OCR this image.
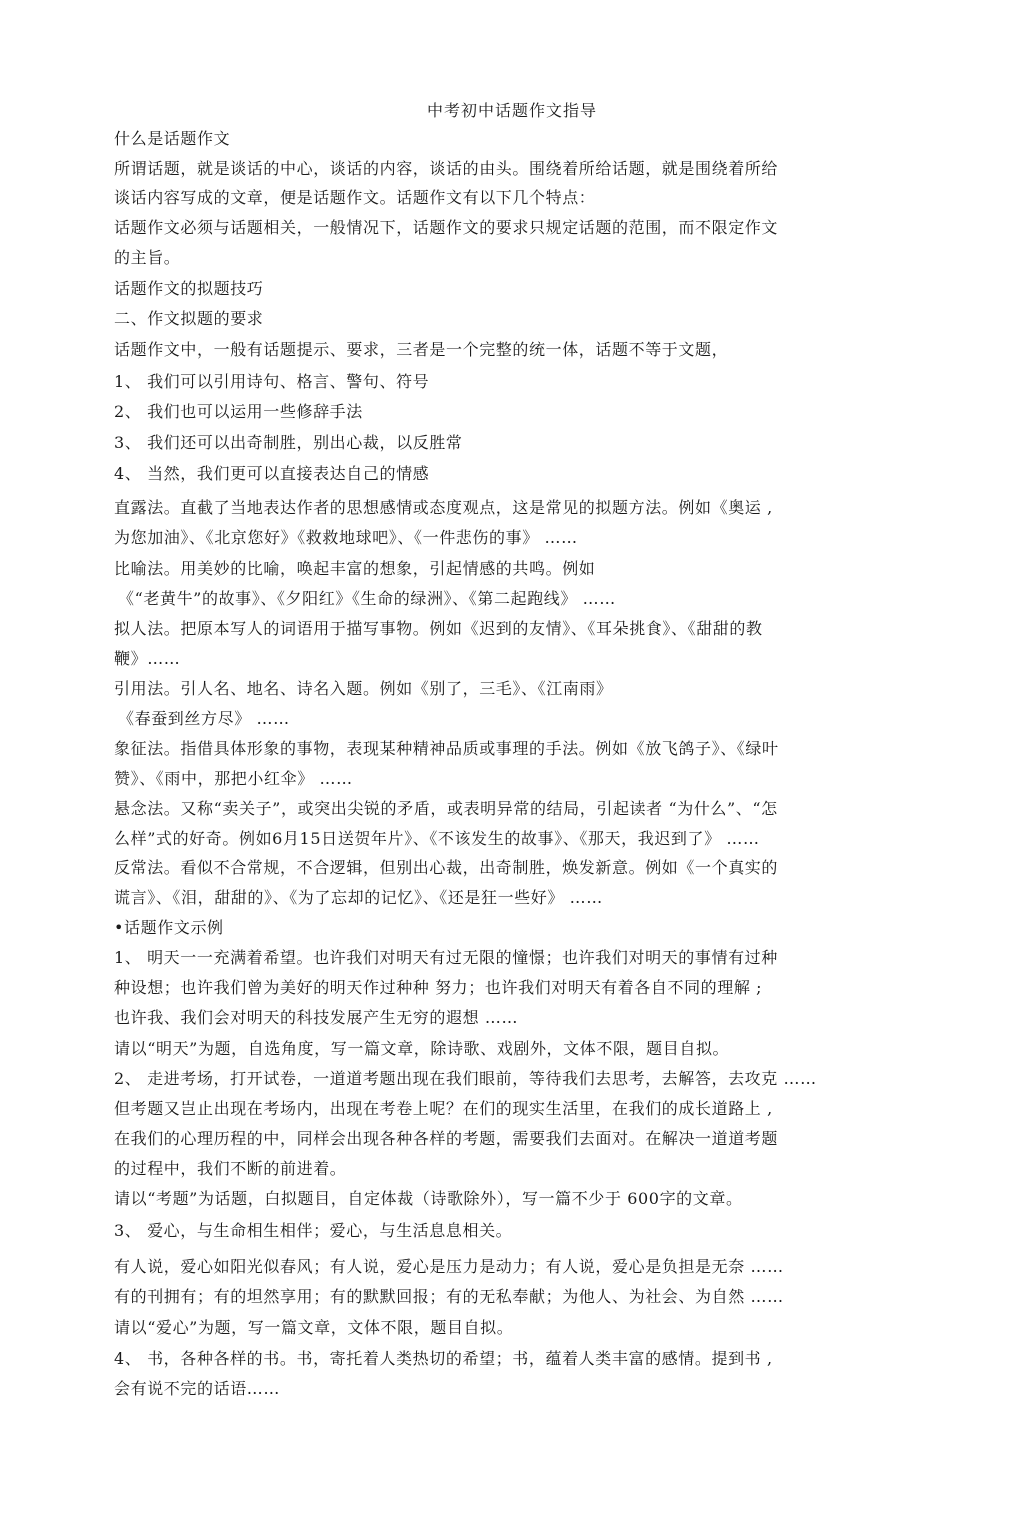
中考初中话题作文指导
什么是话题作文
所谓话题，就是谈话的中心，谈话的内容，谈话的由头。围绕着所给话题，就是围绕着所给
谈话内容写成的文章，便是话题作文。话题作文有以下几个特点：
话题作文必须与话题相关，一般情况下，话题作文的要求只规定话题的范围，而不限定作文
的主旨。
话题作文的拟题技巧
二、作文拟题的要求
话题作文中，一般有话题提示、要求，三者是一个完整的统一体，话题不等于文题，
1、 我们可以引用诗句、格言、警句、符号
2、 我们也可以运用一些修辞手法
3、 我们还可以出奇制胜，别出心裁，以反胜常
4、 当然，我们更可以直接表达自己的情感
直露法。直截了当地表达作者的思想感情或态度观点，这是常见的拟题方法。例如《奥运 ,
为您加油》、《北京您好》《救救地球吧》、《一件悲伤的事》 ……
比喻法。用美妙的比喻，唤起丰富的想象，引起情感的共鸣。例如
《“老黄牛”的故事》、《夕阳红》《生命的绿洲》、《第二起跑线》 ……
拟人法。把原本写人的词语用于描写事物。例如《迟到的友情》、《耳朵挑食》、《甜甜的教
鞭》……
引用法。引人名、地名、诗名入题。例如《别了，三毛》、《江南雨》
《春蚕到丝方尽》 ……
象征法。指借具体形象的事物，表现某种精神品质或事理的手法。例如《放飞鸽子》、《绿叶
赞》、《雨中，那把小红伞》 ……
悬念法。又称“卖关子”，或突出尖锐的矛盾，或表明异常的结局，引起读者 “为什么”、“怎
么样”式的好奇。例如6月15日送贺年片》、《不该发生的故事》、《那天，我迟到了》 ……
反常法。看似不合常规，不合逻辑，但别出心裁，出奇制胜，焕发新意。例如《一个真实的
谎言》、《泪，甜甜的》、《为了忘却的记忆》、《还是狂一些好》 ……
•话题作文示例
1、 明天一一充满着希望。也许我们对明天有过无限的憧憬；也许我们对明天的事情有过种
种设想；也许我们曾为美好的明天作过种种 努力；也许我们对明天有着各自不同的理解 ;
也许我、我们会对明天的科技发展产生无穷的遐想 ……
请以“明天”为题，自选角度，写一篇文章，除诗歌、戏剧外，文体不限，题目自拟。
2、 走进考场，打开试卷，一道道考题出现在我们眼前，等待我们去思考，去解答，去攻克 ……
但考题又岂止出现在考场内，出现在考卷上呢？在们的现实生活里，在我们的成长道路上 ,
在我们的心理历程的中，同样会出现各种各样的考题，需要我们去面对。在解决一道道考题
的过程中，我们不断的前进着。
请以“考题”为话题，白拟题目，自定体裁（诗歌除外），写一篇不少于 600字的文章。
3、 爱心，与生命相生相伴；爱心，与生活息息相关。
有人说，爱心如阳光似春风；有人说，爱心是压力是动力；有人说，爱心是负担是无奈 ……
有的刊拥有；有的坦然享用；有的默默回报；有的无私奉献；为他人、为社会、为自然 ……
请以“爱心”为题，写一篇文章，文体不限，题目自拟。
4、 书，各种各样的书。书，寄托着人类热切的希望；书，蕴着人类丰富的感情。提到书 ,
会有说不完的话语……
